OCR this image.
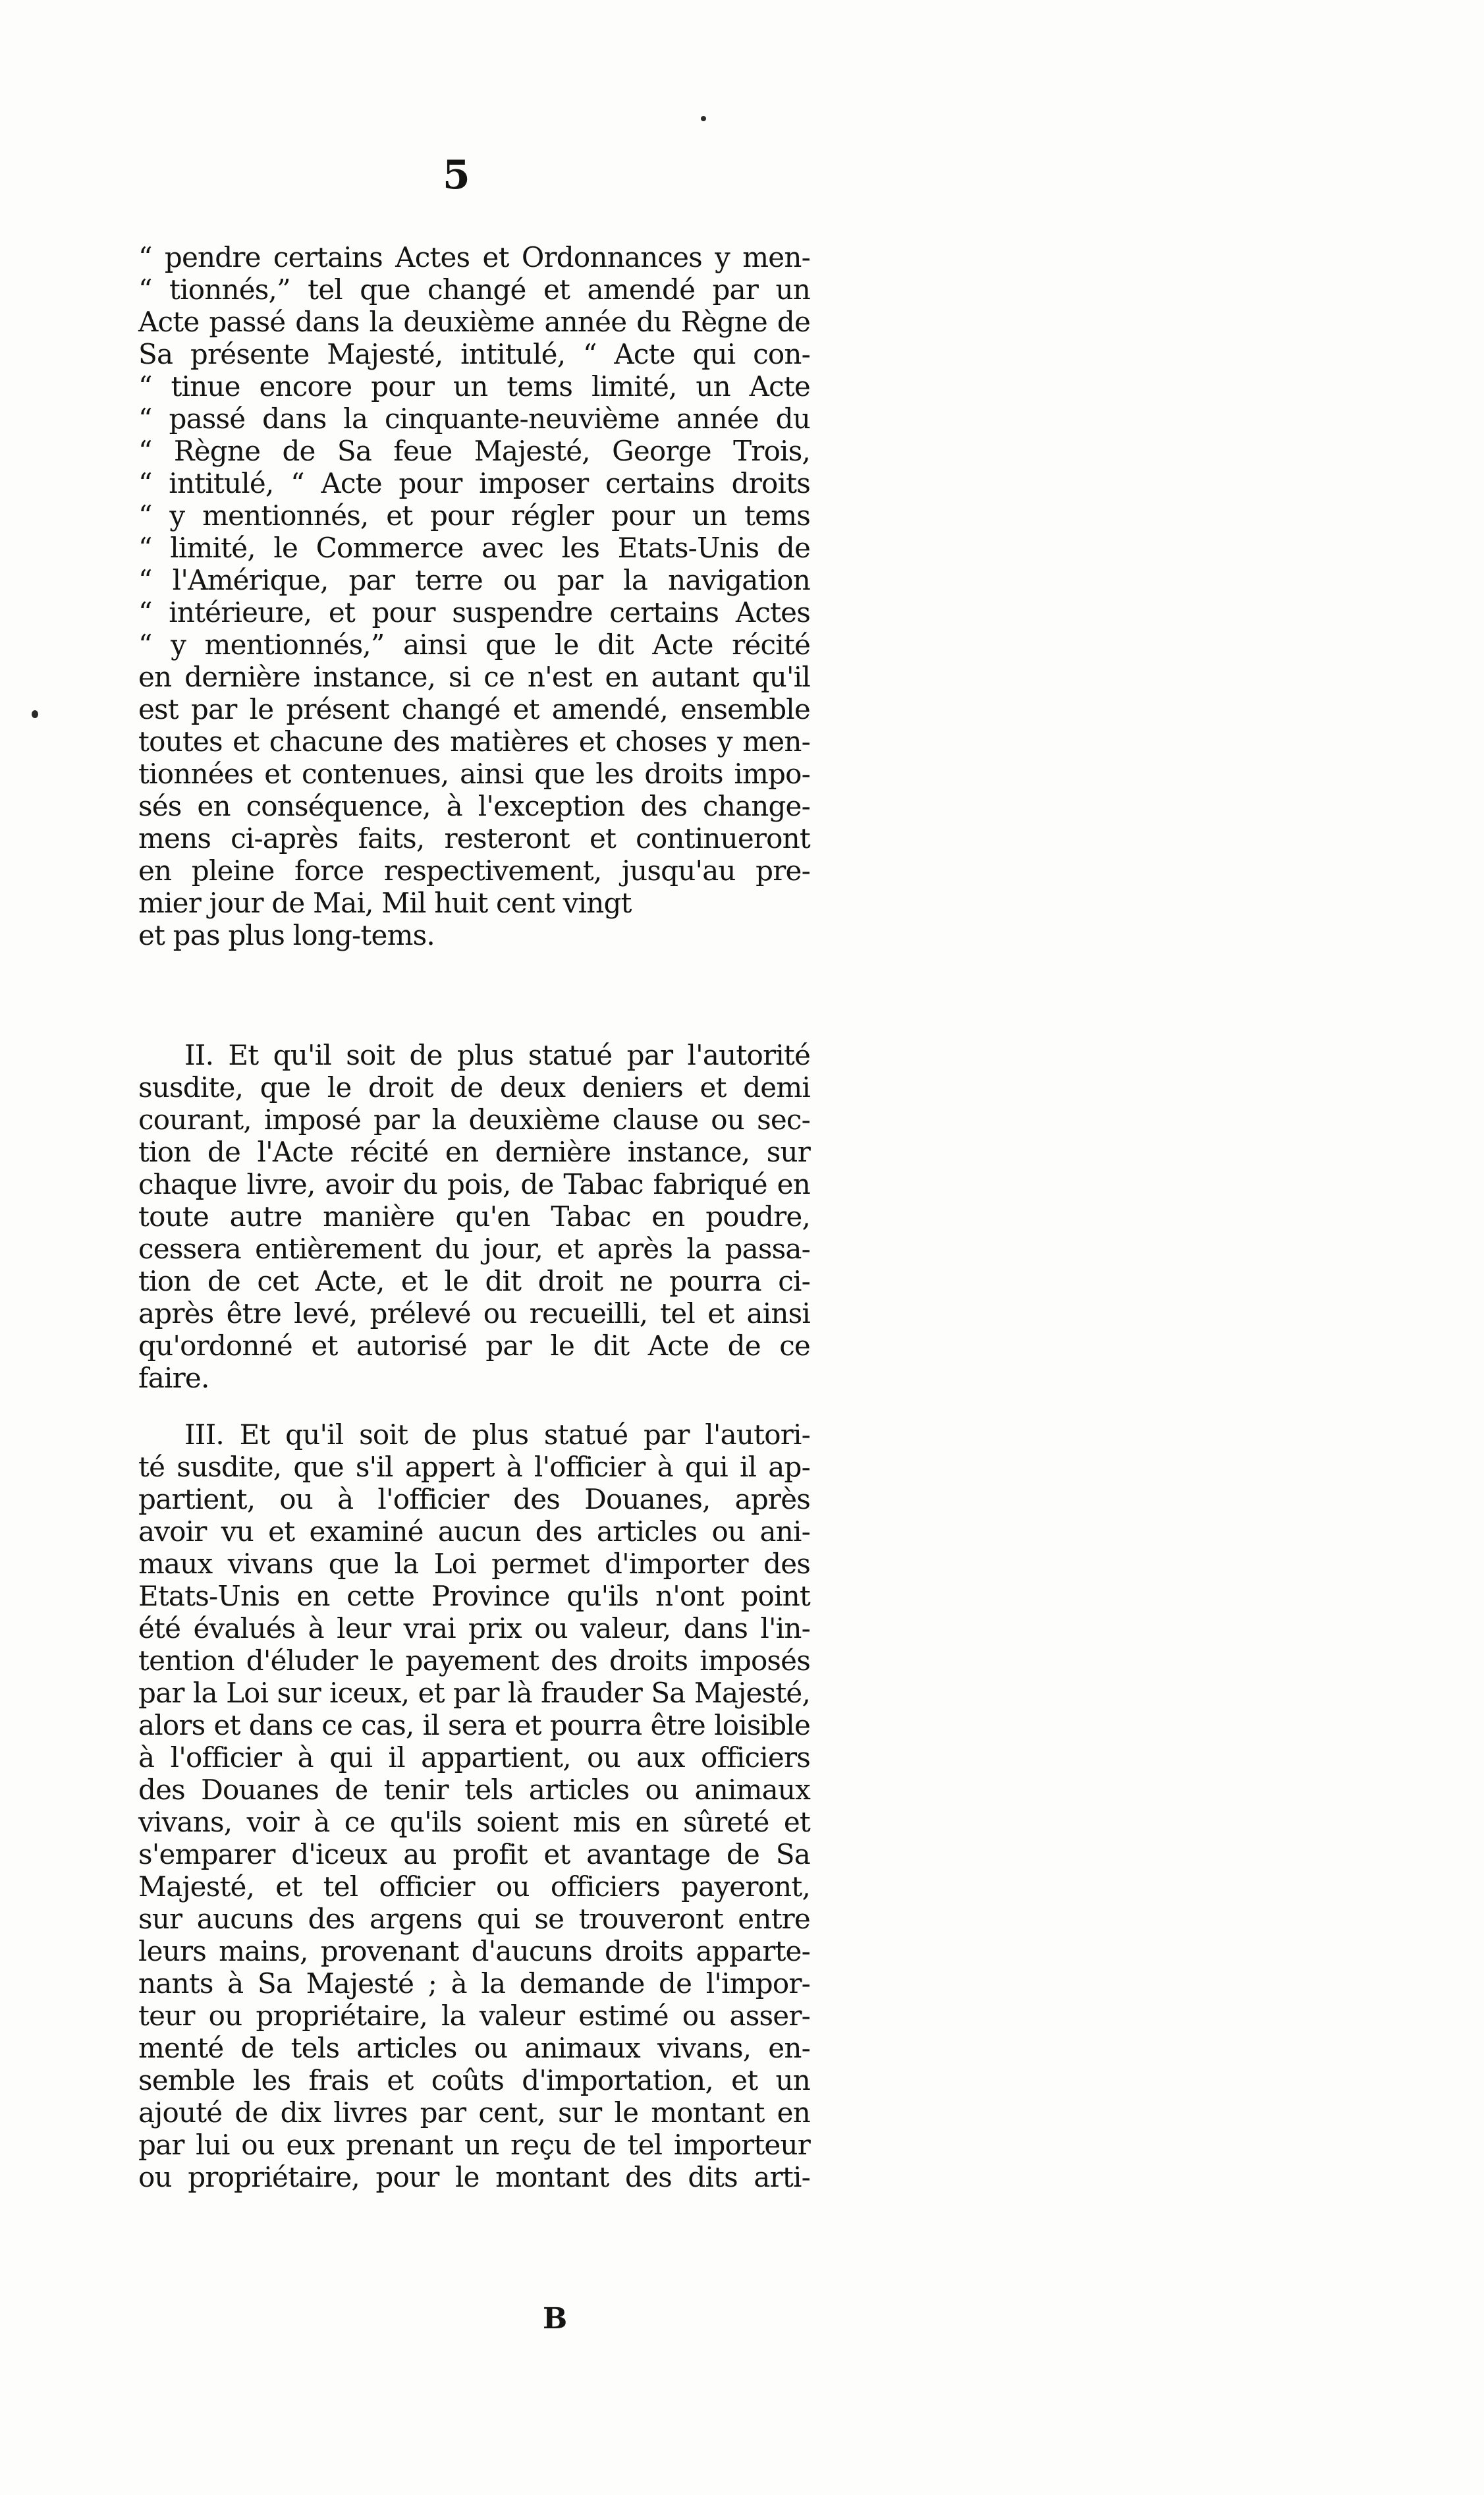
5
“ pendre certains Actes et Ordonnances y men-
“ tionnés,” tel que changé et amendé par un
Acte passé dans la deuxième année du Règne de
Sa présente Majesté, intitulé, “ Acte qui con-
“ tinue encore pour un tems limité, un Acte
“ passé dans la cinquante-neuvième année du
“ Règne de Sa feue Majesté, George Trois,
“ intitulé, “ Acte pour imposer certains droits
“ y mentionnés, et pour régler pour un tems
“ limité, le Commerce avec les Etats-Unis de
“ l'Amérique, par terre ou par la navigation
“ intérieure, et pour suspendre certains Actes
“ y mentionnés,” ainsi que le dit Acte récité
en dernière instance, si ce n'est en autant qu'il
est par le présent changé et amendé, ensemble
toutes et chacune des matières et choses y men-
tionnées et contenues, ainsi que les droits impo-
sés en conséquence, à l'exception des change-
mens ci-après faits, resteront et continueront
en pleine force respectivement, jusqu'au pre-
mier jour de Mai, Mil huit cent vingt
et pas plus long-tems.
II. Et qu'il soit de plus statué par l'autorité
susdite, que le droit de deux deniers et demi
courant, imposé par la deuxième clause ou sec-
tion de l'Acte récité en dernière instance, sur
chaque livre, avoir du pois, de Tabac fabriqué en
toute autre manière qu'en Tabac en poudre,
cessera entièrement du jour, et après la passa-
tion de cet Acte, et le dit droit ne pourra ci-
après être levé, prélevé ou recueilli, tel et ainsi
qu'ordonné et autorisé par le dit Acte de ce
faire.
III. Et qu'il soit de plus statué par l'autori-
té susdite, que s'il appert à l'officier à qui il ap-
partient, ou à l'officier des Douanes, après
avoir vu et examiné aucun des articles ou ani-
maux vivans que la Loi permet d'importer des
Etats-Unis en cette Province qu'ils n'ont point
été évalués à leur vrai prix ou valeur, dans l'in-
tention d'éluder le payement des droits imposés
par la Loi sur iceux, et par là frauder Sa Majesté,
alors et dans ce cas, il sera et pourra être loisible
à l'officier à qui il appartient, ou aux officiers
des Douanes de tenir tels articles ou animaux
vivans, voir à ce qu'ils soient mis en sûreté et
s'emparer d'iceux au profit et avantage de Sa
Majesté, et tel officier ou officiers payeront,
sur aucuns des argens qui se trouveront entre
leurs mains, provenant d'aucuns droits apparte-
nants à Sa Majesté ; à la demande de l'impor-
teur ou propriétaire, la valeur estimé ou asser-
menté de tels articles ou animaux vivans, en-
semble les frais et coûts d'importation, et un
ajouté de dix livres par cent, sur le montant en
par lui ou eux prenant un reçu de tel importeur
ou propriétaire, pour le montant des dits arti-
B
